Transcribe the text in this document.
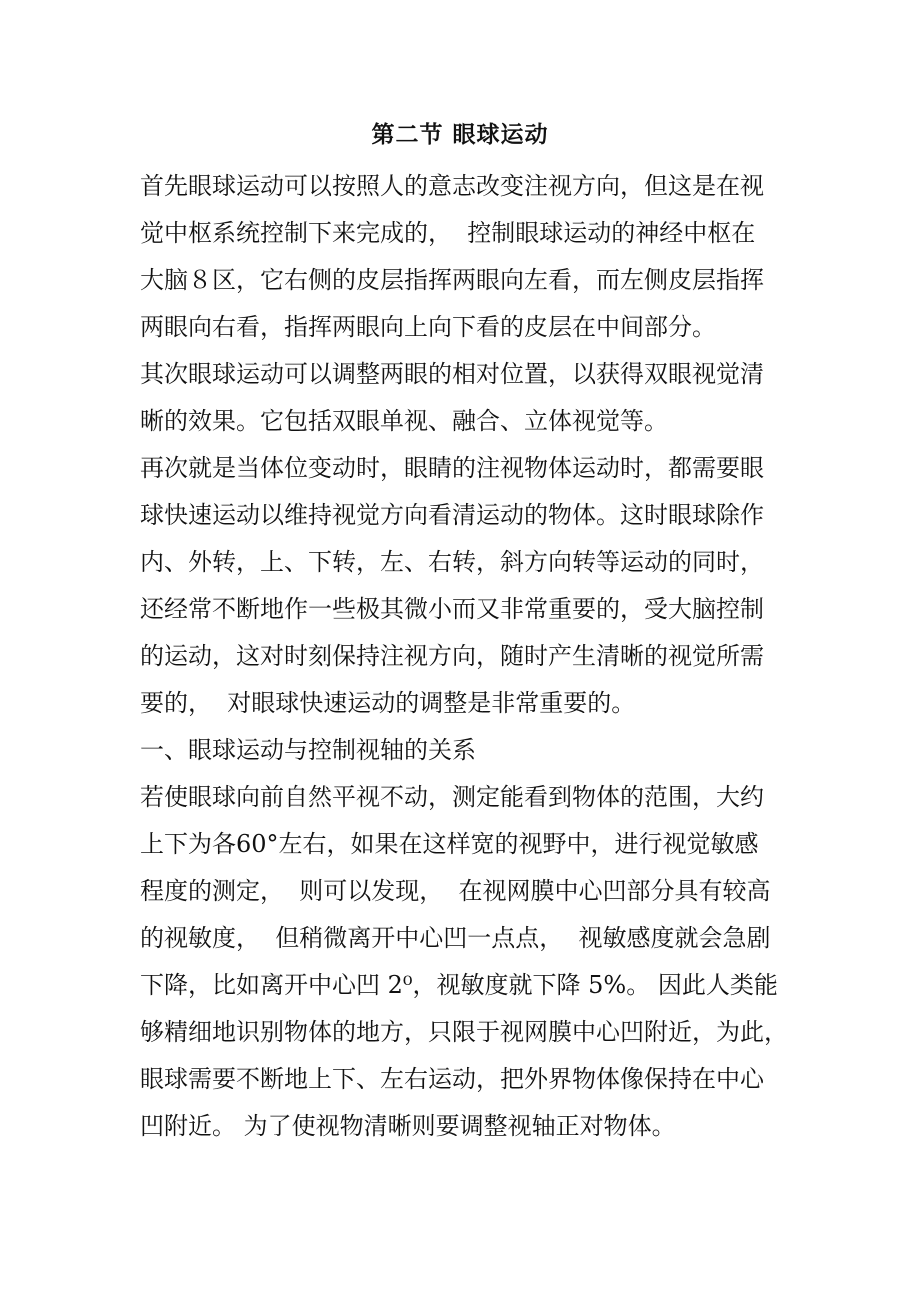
第二节 眼球运动
首先眼球运动可以按照人的意志改变注视方向，但这是在视
觉中枢系统控制下来完成的，  控制眼球运动的神经中枢在
大脑８区，它右侧的皮层指挥两眼向左看，而左侧皮层指挥
两眼向右看，指挥两眼向上向下看的皮层在中间部分。
其次眼球运动可以调整两眼的相对位置，以获得双眼视觉清
晰的效果。它包括双眼单视、融合、立体视觉等。
再次就是当体位变动时，眼睛的注视物体运动时，都需要眼
球快速运动以维持视觉方向看清运动的物体。这时眼球除作
内、外转，上、下转，左、右转，斜方向转等运动的同时，
还经常不断地作一些极其微小而又非常重要的，受大脑控制
的运动，这对时刻保持注视方向，随时产生清晰的视觉所需
要的，  对眼球快速运动的调整是非常重要的。
一、眼球运动与控制视轴的关系
若使眼球向前自然平视不动，测定能看到物体的范围，大约
上下为各60°左右，如果在这样宽的视野中，进行视觉敏感
程度的测定，  则可以发现，  在视网膜中心凹部分具有较高
的视敏度，  但稍微离开中心凹一点点，  视敏感度就会急剧
下降，比如离开中心凹 2⁰，视敏度就下降 5%。 因此人类能
够精细地识别物体的地方，只限于视网膜中心凹附近，为此，
眼球需要不断地上下、左右运动，把外界物体像保持在中心
凹附近。 为了使视物清晰则要调整视轴正对物体。
